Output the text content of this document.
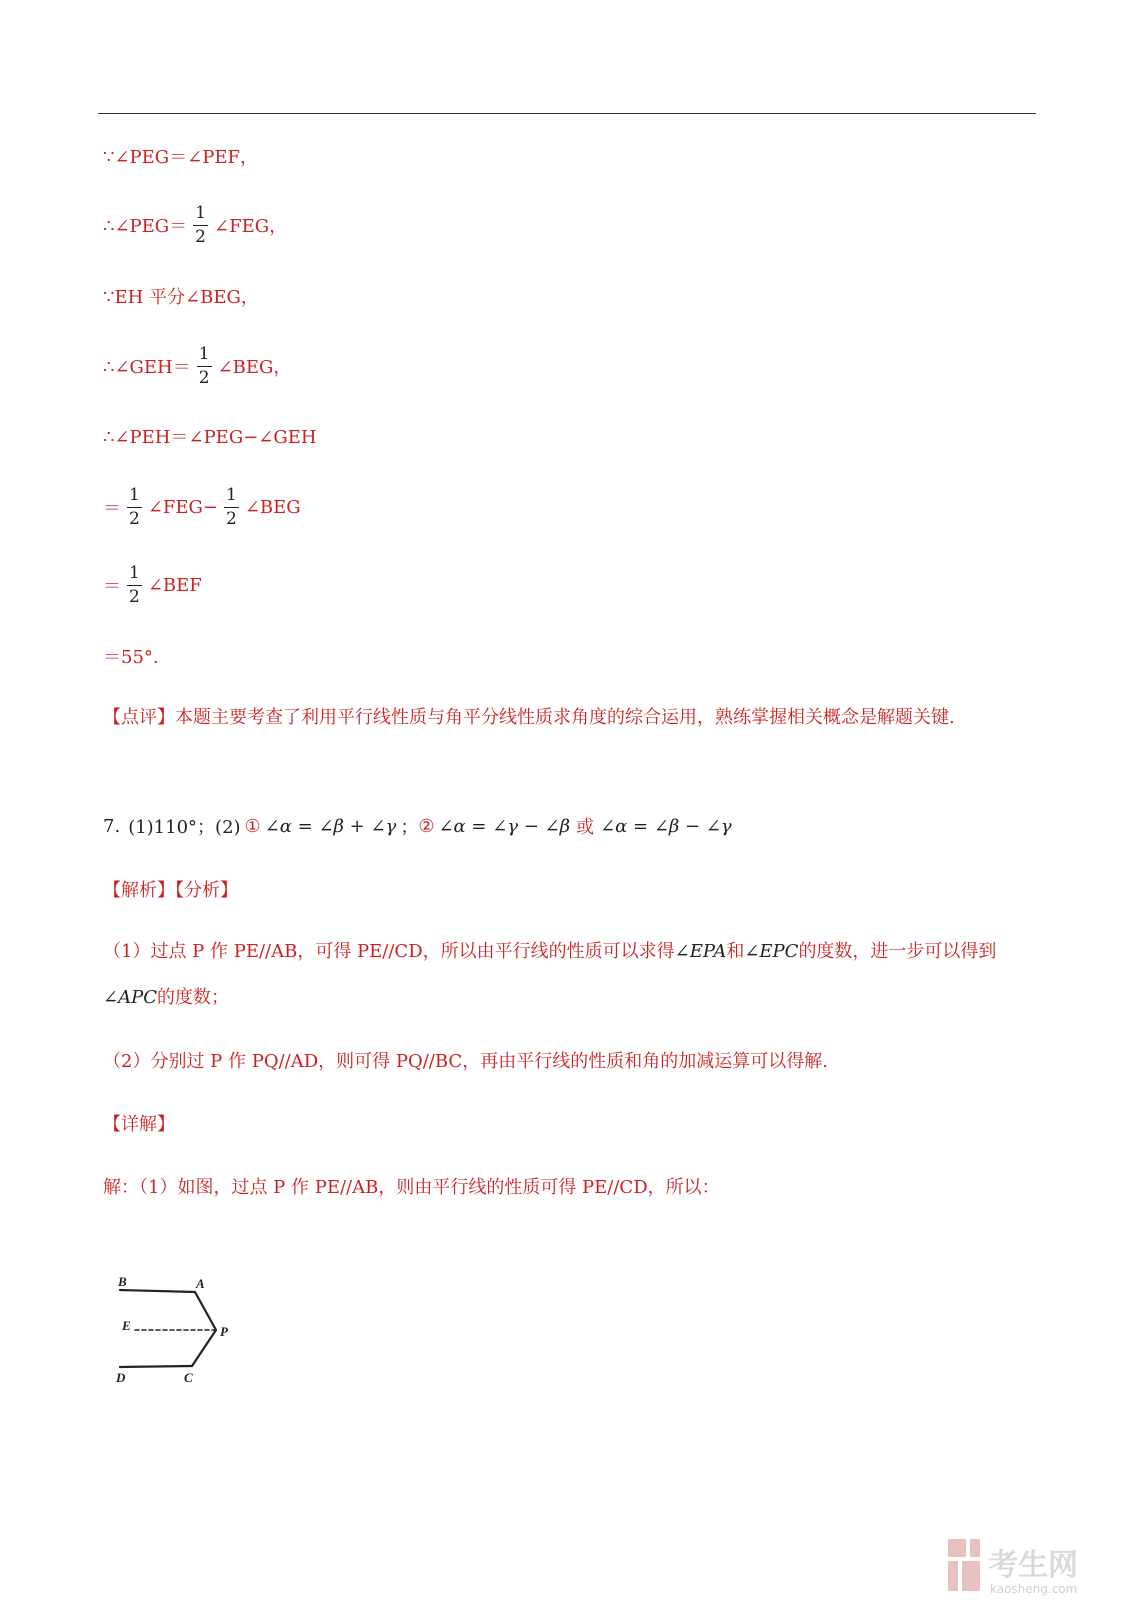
∵∠PEG＝∠PEF，
∴∠PEG＝ $\frac{1}{2}$ ∠FEG，
∵EH 平分∠BEG，
∴∠GEH＝ $\frac{1}{2}$ ∠BEG，
∴∠PEH＝∠PEG−∠GEH
＝ $\frac{1}{2}$ ∠FEG− $\frac{1}{2}$ ∠BEG
＝ $\frac{1}{2}$ ∠BEF
＝55°.
【点评】本题主要考查了利用平行线性质与角平分线性质求角度的综合运用，熟练掌握相关概念是解题关键.
7. (1)110°；(2) ① ∠α = ∠β + ∠γ ； ② ∠α = ∠γ − ∠β 或 ∠α = ∠β − ∠γ
【解析】【分析】
（1）过点 P 作 PE//AB，可得 PE//CD，所以由平行线的性质可以求得∠EPA和∠EPC的度数，进一步可以得到∠APC的度数；
（2）分别过 P 作 PQ//AD，则可得 PQ//BC，再由平行线的性质和角的加减运算可以得解.
【详解】
解：（1）如图，过点 P 作 PE//AB，则由平行线的性质可得 PE//CD，所以：
B	A
E	P
D	C
考生网
kaosheng.com
